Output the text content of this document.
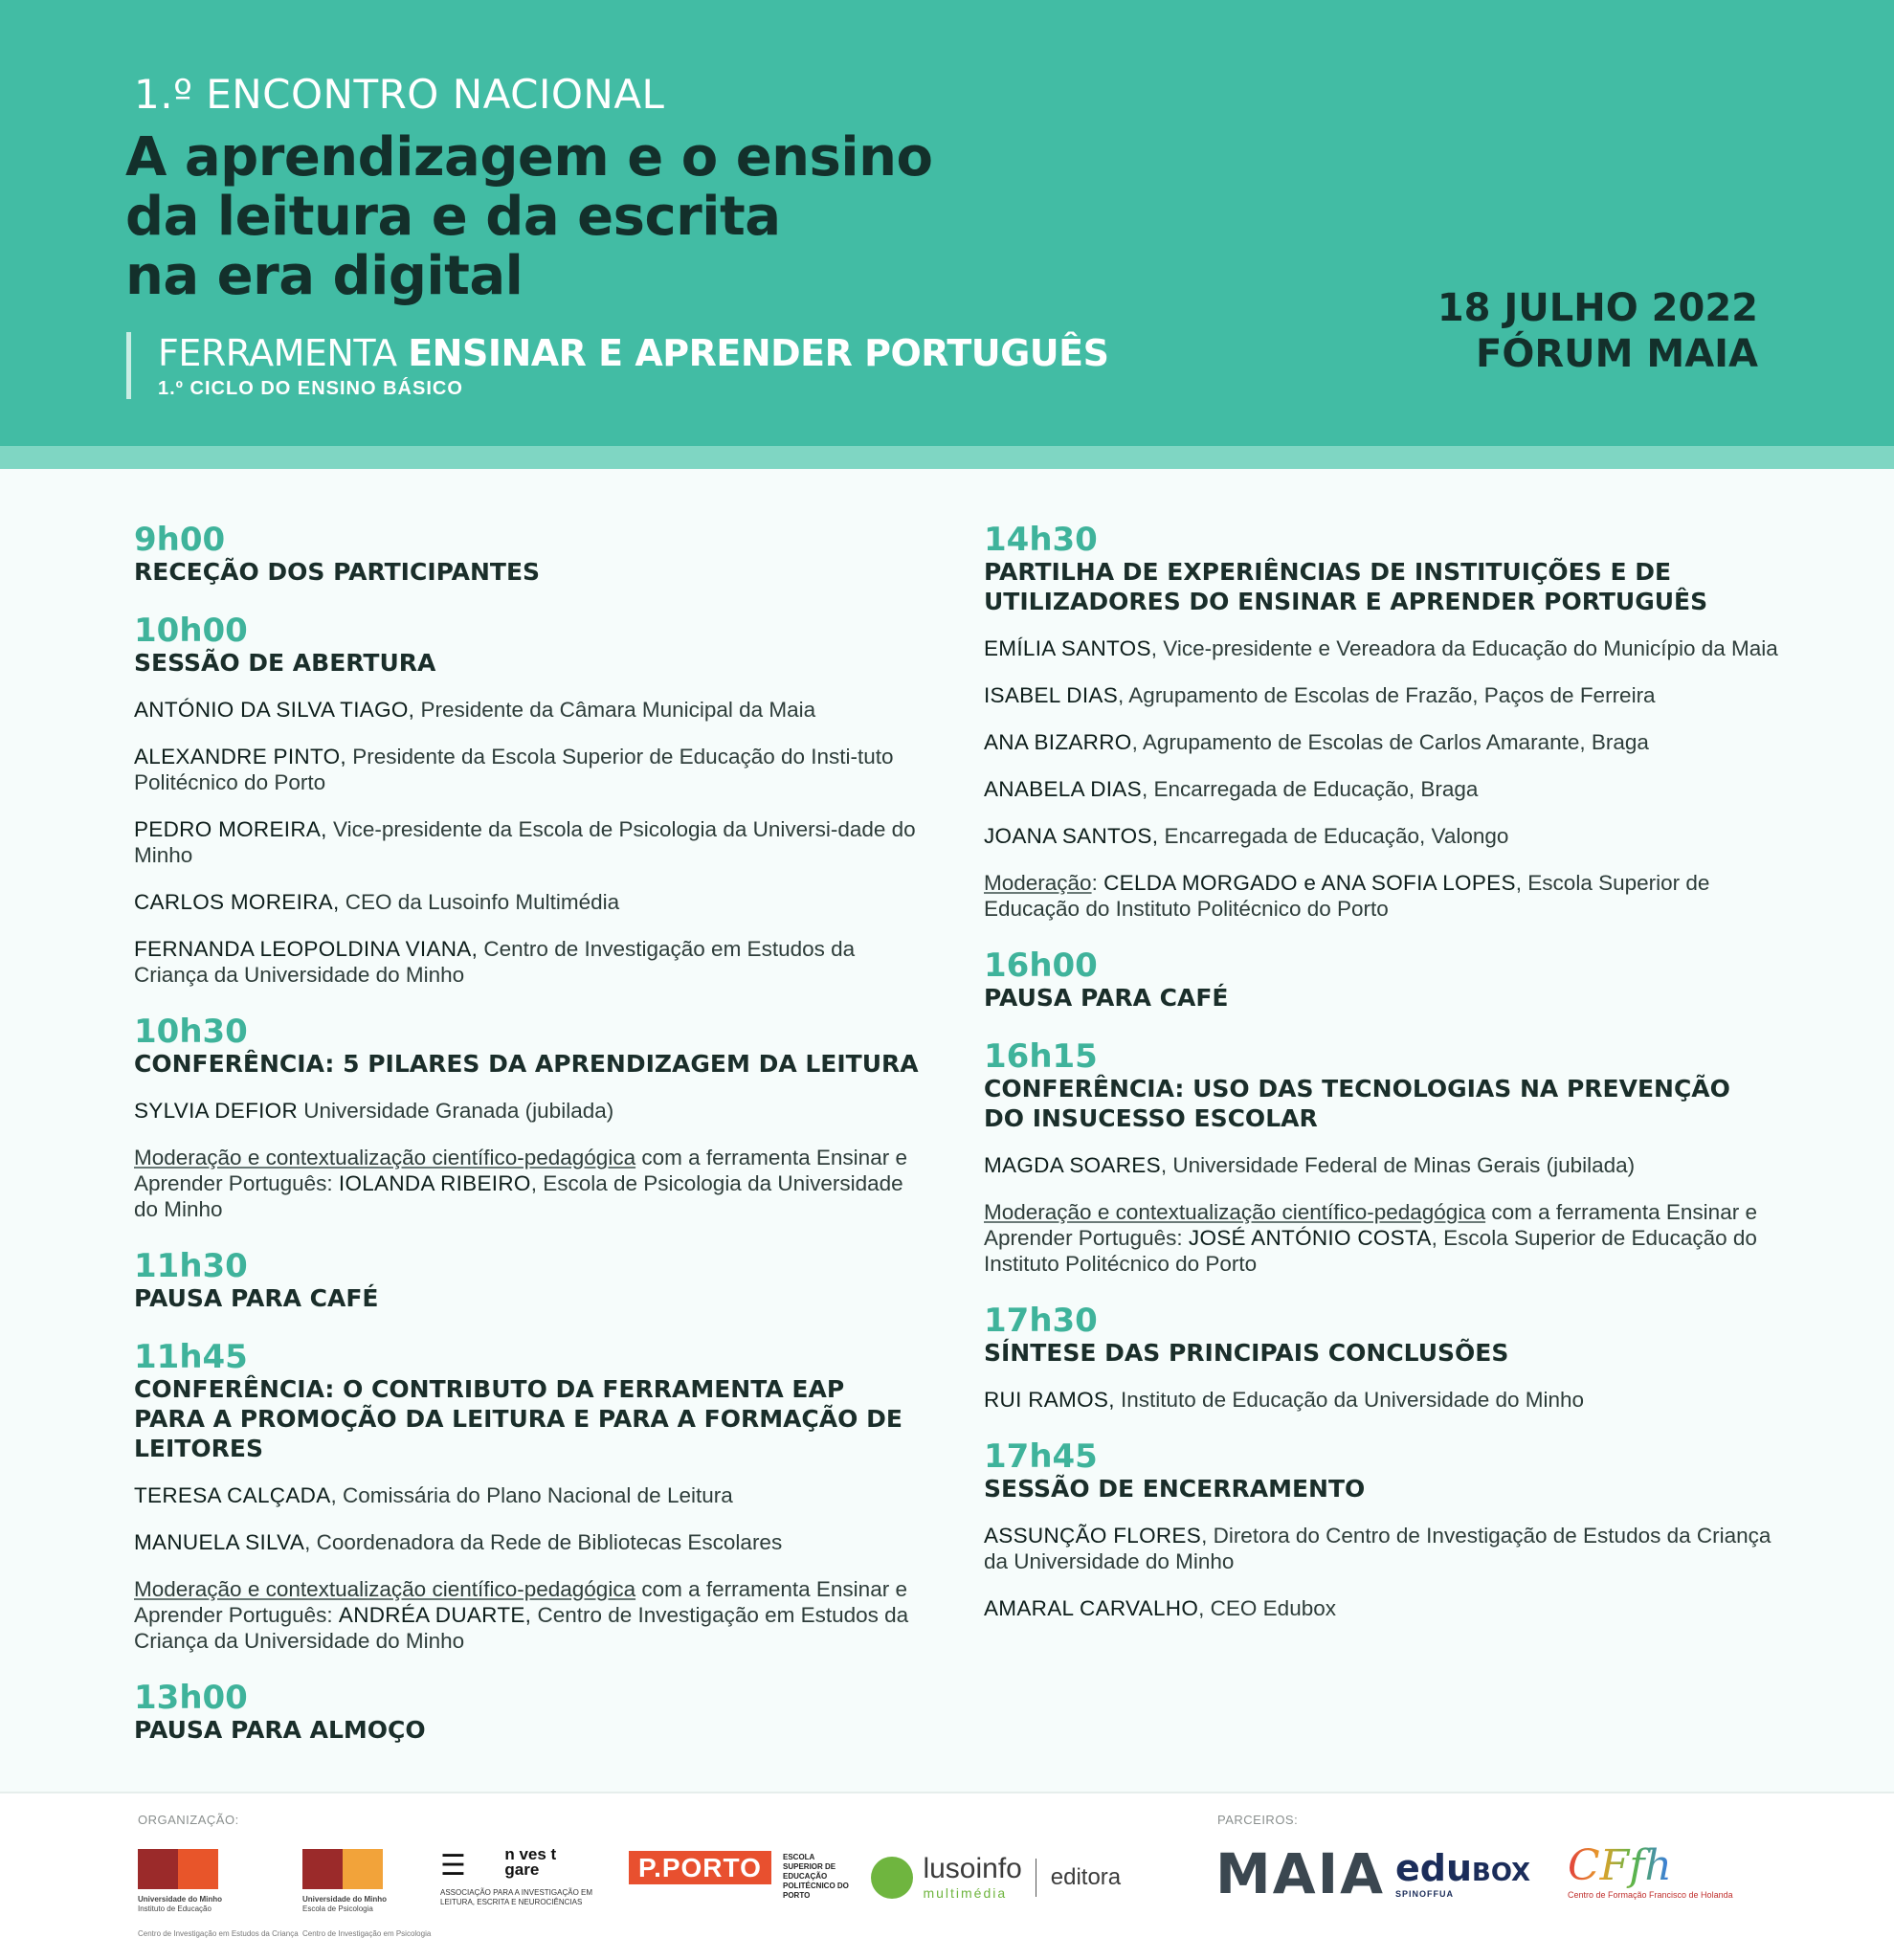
1.º ENCONTRO NACIONAL
A aprendizagem e o ensino
da leitura e da escrita
na era digital
FERRAMENTA ENSINAR E APRENDER PORTUGUÊS
1.º CICLO DO ENSINO BÁSICO
18 JULHO 2022
FÓRUM MAIA
9h00
RECEÇÃO DOS PARTICIPANTES
10h00
SESSÃO DE ABERTURA
ANTÓNIO DA SILVA TIAGO, Presidente da Câmara Municipal da Maia
ALEXANDRE PINTO, Presidente da Escola Superior de Educação do Insti-tuto Politécnico do Porto
PEDRO MOREIRA, Vice-presidente da Escola de Psicologia da Universi-dade do Minho
CARLOS MOREIRA, CEO da Lusoinfo Multimédia
FERNANDA LEOPOLDINA VIANA, Centro de Investigação em Estudos da Criança da Universidade do Minho
10h30
CONFERÊNCIA: 5 PILARES DA APRENDIZAGEM DA LEITURA
SYLVIA DEFIOR Universidade Granada (jubilada)
Moderação e contextualização científico-pedagógica com a ferramenta Ensinar e Aprender Português: IOLANDA RIBEIRO, Escola de Psicologia da Universidade do Minho
11h30
PAUSA PARA CAFÉ
11h45
CONFERÊNCIA: O CONTRIBUTO DA FERRAMENTA EAP PARA A PROMOÇÃO DA LEITURA E PARA A FORMAÇÃO DE LEITORES
TERESA CALÇADA, Comissária do Plano Nacional de Leitura
MANUELA SILVA, Coordenadora da Rede de Bibliotecas Escolares
Moderação e contextualização científico-pedagógica com a ferramenta Ensinar e Aprender Português: ANDRÉA DUARTE, Centro de Investigação em Estudos da Criança da Universidade do Minho
13h00
PAUSA PARA ALMOÇO
14h30
PARTILHA DE EXPERIÊNCIAS DE INSTITUIÇÕES E DE UTILIZADORES DO ENSINAR E APRENDER PORTUGUÊS
EMÍLIA SANTOS, Vice-presidente e Vereadora da Educação do Município da Maia
ISABEL DIAS, Agrupamento de Escolas de Frazão, Paços de Ferreira
ANA BIZARRO, Agrupamento de Escolas de Carlos Amarante, Braga
ANABELA DIAS, Encarregada de Educação, Braga
JOANA SANTOS, Encarregada de Educação, Valongo
Moderação: CELDA MORGADO e ANA SOFIA LOPES, Escola Superior de Educação do Instituto Politécnico do Porto
16h00
PAUSA PARA CAFÉ
16h15
CONFERÊNCIA: USO DAS TECNOLOGIAS NA PREVENÇÃO DO INSUCESSO ESCOLAR
MAGDA SOARES, Universidade Federal de Minas Gerais (jubilada)
Moderação e contextualização científico-pedagógica com a ferramenta Ensinar e Aprender Português: JOSÉ ANTÓNIO COSTA, Escola Superior de Educação do Instituto Politécnico do Porto
17h30
SÍNTESE DAS PRINCIPAIS CONCLUSÕES
RUI RAMOS, Instituto de Educação da Universidade do Minho
17h45
SESSÃO DE ENCERRAMENTO
ASSUNÇÃO FLORES, Diretora do Centro de Investigação de Estudos da Criança da Universidade do Minho
AMARAL CARVALHO, CEO Edubox
ORGANIZAÇÃO:	PARCEIROS:
Universidade do Minho
Instituto de Educação
Centro de Investigação em Estudos da Criança
Universidade do Minho
Escola de Psicologia
Centro de Investigação em Psicologia
☰ n ves t gare
ASSOCIAÇÃO PARA A INVESTIGAÇÃO EM LEITURA, ESCRITA E NEUROCIÊNCIAS
P.PORTO	ESCOLA SUPERIOR DE EDUCAÇÃO POLITÉCNICO DO PORTO
lusoinfo
multimédia  editora MAIA eduBOX
SPINOFFUA
CFfh
Centro de Formação Francisco de Holanda
